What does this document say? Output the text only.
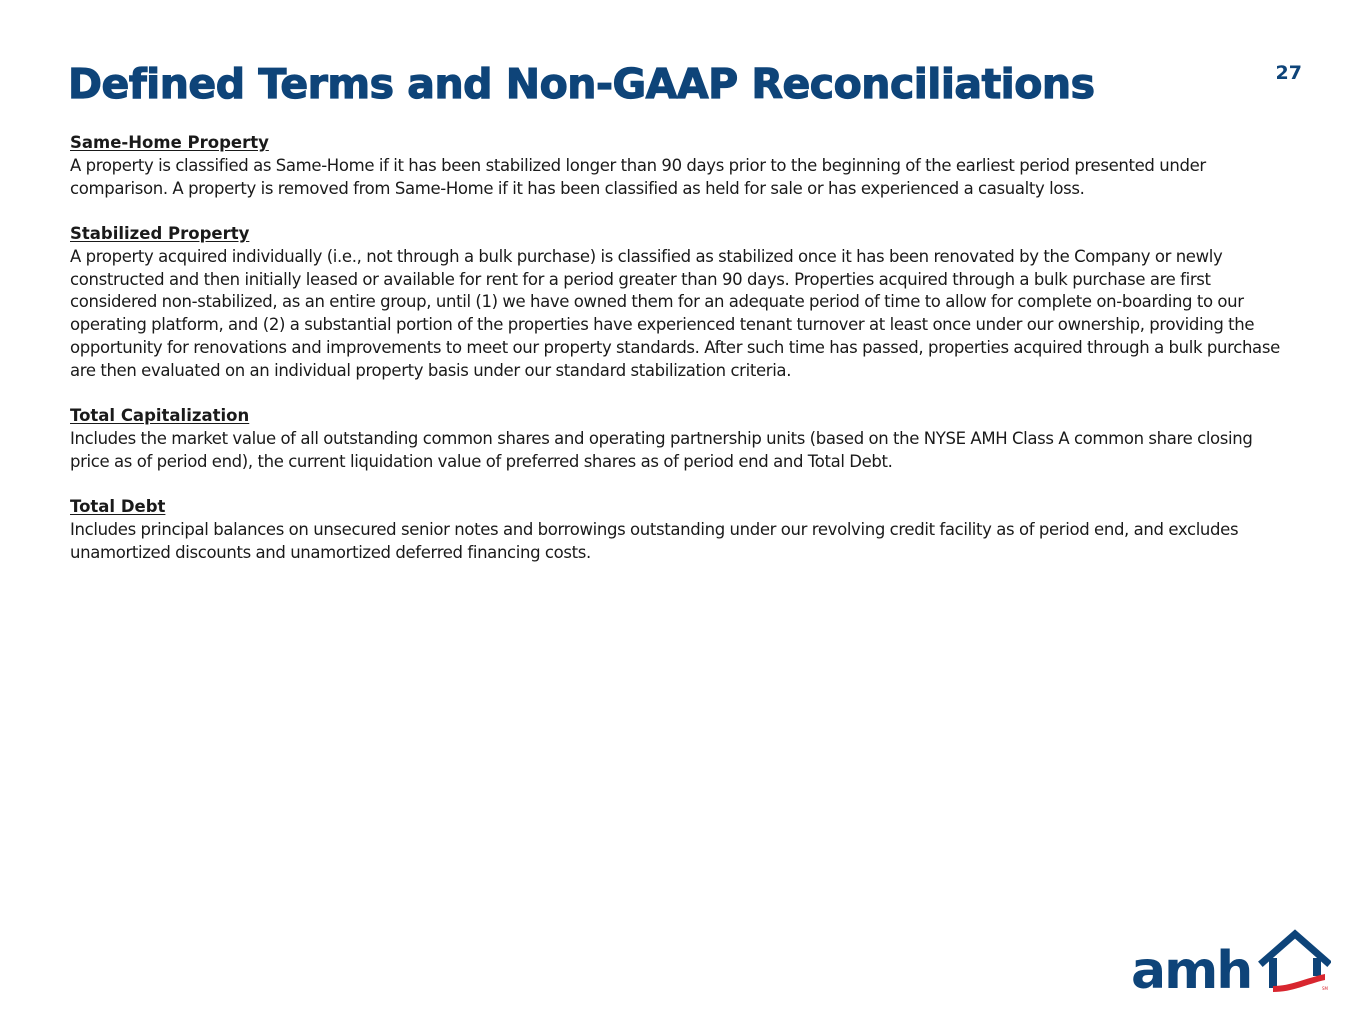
Defined Terms and Non-GAAP Reconciliations	27
Same-Home Property
A property is classified as Same-Home if it has been stabilized longer than 90 days prior to the beginning of the earliest period presented under comparison. A property is removed from Same-Home if it has been classified as held for sale or has experienced a casualty loss.
Stabilized Property
A property acquired individually (i.e., not through a bulk purchase) is classified as stabilized once it has been renovated by the Company or newly constructed and then initially leased or available for rent for a period greater than 90 days. Properties acquired through a bulk purchase are first considered non-stabilized, as an entire group, until (1) we have owned them for an adequate period of time to allow for complete on-boarding to our operating platform, and (2) a substantial portion of the properties have experienced tenant turnover at least once under our ownership, providing the opportunity for renovations and improvements to meet our property standards. After such time has passed, properties acquired through a bulk purchase are then evaluated on an individual property basis under our standard stabilization criteria.
Total Capitalization
Includes the market value of all outstanding common shares and operating partnership units (based on the NYSE AMH Class A common share closing price as of period end), the current liquidation value of preferred shares as of period end and Total Debt.
Total Debt
Includes principal balances on unsecured senior notes and borrowings outstanding under our revolving credit facility as of period end, and excludes unamortized discounts and unamortized deferred financing costs.
amh	SM
